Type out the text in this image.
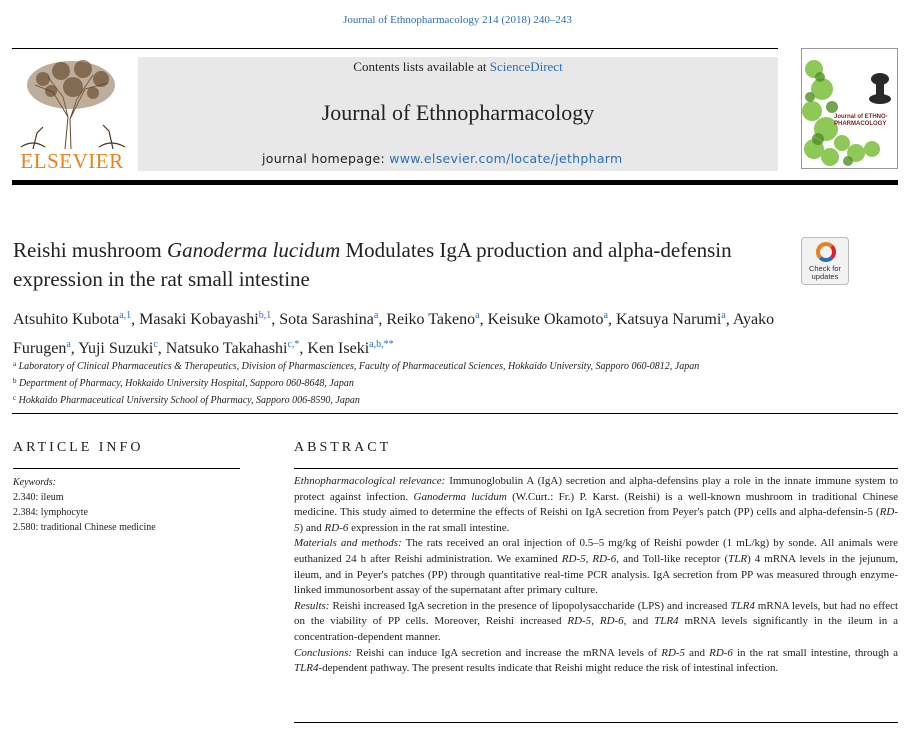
Journal of Ethnopharmacology 214 (2018) 240–243
ELSEVIER
Contents lists available at ScienceDirect
Journal of Ethnopharmacology
journal homepage: www.elsevier.com/locate/jethpharm
Journal of ETHNO-PHARMACOLOGY
Reishi mushroom Ganoderma lucidum Modulates IgA production and alpha-defensin expression in the rat small intestine	Check for updates
Atsuhito Kubota$^{a,1}$, Masaki Kobayashi$^{b,1}$, Sota Sarashina$^a$, Reiko Takeno$^a$, Keisuke Okamoto$^a$, Katsuya Narumi$^a$, Ayako Furugen$^a$, Yuji Suzuki$^c$, Natsuko Takahashi$^{c,*}$, Ken Iseki$^{a,b,**}$
$^a$ Laboratory of Clinical Pharmaceutics & Therapeutics, Division of Pharmasciences, Faculty of Pharmaceutical Sciences, Hokkaido University, Sapporo 060-0812, Japan
$^b$ Department of Pharmacy, Hokkaido University Hospital, Sapporo 060-8648, Japan
$^c$ Hokkaido Pharmaceutical University School of Pharmacy, Sapporo 006-8590, Japan
ARTICLE INFO
Keywords:
2.340: ileum
2.384: lymphocyte
2.580: traditional Chinese medicine
ABSTRACT

Ethnopharmacological relevance: Immunoglobulin A (IgA) secretion and alpha-defensins play a role in the innate immune system to protect against infection. Ganoderma lucidum (W.Curt.: Fr.) P. Karst. (Reishi) is a well-known mushroom in traditional Chinese medicine. This study aimed to determine the effects of Reishi on IgA secretion from Peyer's patch (PP) cells and alpha-defensin-5 (RD-5) and RD-6 expression in the rat small intestine.

Materials and methods: The rats received an oral injection of 0.5–5 mg/kg of Reishi powder (1 mL/kg) by sonde. All animals were euthanized 24 h after Reishi administration. We examined RD-5, RD-6, and Toll-like receptor (TLR) 4 mRNA levels in the jejunum, ileum, and in Peyer's patches (PP) through quantitative real-time PCR analysis. IgA secretion from PP was measured through enzyme-linked immunosorbent assay of the supernatant after primary culture.

Results: Reishi increased IgA secretion in the presence of lipopolysaccharide (LPS) and increased TLR4 mRNA levels, but had no effect on the viability of PP cells. Moreover, Reishi increased RD-5, RD-6, and TLR4 mRNA levels significantly in the ileum in a concentration-dependent manner.

Conclusions: Reishi can induce IgA secretion and increase the mRNA levels of RD-5 and RD-6 in the rat small intestine, through a TLR4-dependent pathway. The present results indicate that Reishi might reduce the risk of intestinal infection.
